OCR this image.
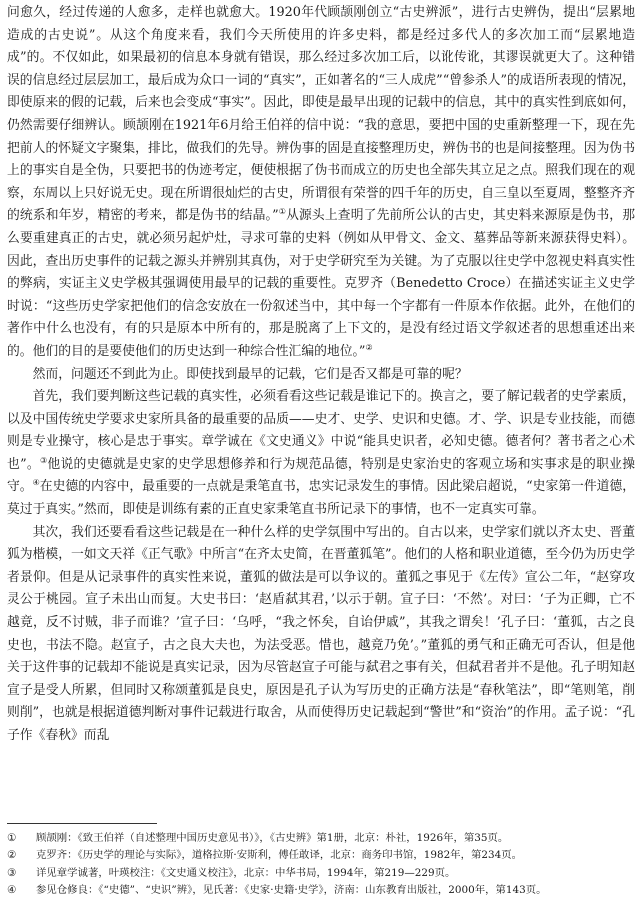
问愈久，经过传递的人愈多，走样也就愈大。1920年代顾颉刚创立“古史辨派”，进行古史辨伪，提出“层累地造成的古史说”。从这个角度来看，我们今天所使用的许多史料，都是经过多代人的多次加工而“层累地造成”的。不仅如此，如果最初的信息本身就有错误，那么经过多次加工后，以讹传讹，其谬误就更大了。这种错误的信息经过层层加工，最后成为众口一词的“真实”，正如著名的“三人成虎”“曾参杀人”的成语所表现的情况，即使原来的假的记载，后来也会变成“事实”。因此，即使是最早出现的记载中的信息，其中的真实性到底如何，仍然需要仔细辨认。顾颉刚在1921年6月给王伯祥的信中说：“我的意思，要把中国的史重新整理一下，现在先把前人的怀疑文字聚集，排比，做我们的先导。辨伪事的固是直接整理历史，辨伪书的也是间接整理。因为伪书上的事实自是全伪，只要把书的伪迹考定，便使根据了伪书而成立的历史也全部失其立足之点。照我们现在的观察，东周以上只好说无史。现在所谓很灿烂的古史，所谓很有荣誉的四千年的历史，自三皇以至夏周，整整齐齐的统系和年岁，精密的考来，都是伪书的结晶。”①从源头上查明了先前所公认的古史，其史料来源原是伪书，那么要重建真正的古史，就必须另起炉灶，寻求可靠的史料（例如从甲骨文、金文、墓葬品等新来源获得史料）。因此，查出历史事件的记载之源头并辨别其真伪，对于史学研究至为关键。为了克服以往史学中忽视史料真实性的弊病，实证主义史学极其强调使用最早的记载的重要性。克罗齐（Benedetto Croce）在描述实证主义史学时说：“这些历史学家把他们的信念安放在一份叙述当中，其中每一个字都有一件原本作依据。此外，在他们的著作中什么也没有，有的只是原本中所有的，那是脱离了上下文的，是没有经过语文学叙述者的思想重述出来的。他们的目的是要使他们的历史达到一种综合性汇编的地位。”②

然而，问题还不到此为止。即使找到最早的记载，它们是否又都是可靠的呢？

首先，我们要判断这些记载的真实性，必须看看这些记载是谁记下的。换言之，要了解记载者的史学素质，以及中国传统史学要求史家所具备的最重要的品质——史才、史学、史识和史德。才、学、识是专业技能，而德则是专业操守，核心是忠于事实。章学诚在《文史通义》中说“能具史识者，必知史德。德者何？著书者之心术也”。③他说的史德就是史家的史学思想修养和行为规范品德，特别是史家治史的客观立场和实事求是的职业操守。④在史德的内容中，最重要的一点就是秉笔直书，忠实记录发生的事情。因此梁启超说，“史家第一件道德，莫过于真实。”然而，即使是训练有素的正直史家秉笔直书所记录下的事情，也不一定真实可靠。

其次，我们还要看看这些记载是在一种什么样的史学氛围中写出的。自古以来，史学家们就以齐太史、晋董狐为楷模，一如文天祥《正气歌》中所言“在齐太史简，在晋董狐笔”。他们的人格和职业道德，至今仍为历史学者景仰。但是从记录事件的真实性来说，董狐的做法是可以争议的。董狐之事见于《左传》宣公二年，“赵穿攻灵公于桃园。宣子未出山而复。大史书曰：‘赵盾弑其君，’以示于朝。宣子曰：‘不然’。对曰：‘子为正卿，亡不越竟，反不讨贼，非子而谁？’宣子曰：‘乌呼，“我之怀矣，自诒伊戚”，其我之谓矣！’孔子曰：‘董狐，古之良史也，书法不隐。赵宣子，古之良大夫也，为法受恶。惜也，越竟乃免’。”董狐的勇气和正确无可否认，但是他关于这件事的记载却不能说是真实记录，因为尽管赵宣子可能与弑君之事有关，但弑君者并不是他。孔子明知赵宣子是受人所累，但同时又称颂董狐是良史，原因是孔子认为写历史的正确方法是“春秋笔法”，即“笔则笔，削则削”，也就是根据道德判断对事件记载进行取舍，从而使得历史记载起到“警世”和“资治”的作用。孟子说：“孔子作《春秋》而乱

①	顾颉刚：《致王伯祥（自述整理中国历史意见书）》，《古史辨》第1册，北京：朴社，1926年，第35页。
②	克罗齐：《历史学的理论与实际》，道格拉斯·安斯利，傅任敢译，北京：商务印书馆，1982年，第234页。
③	详见章学诚著，叶瑛校注：《文史通义校注》，北京：中华书局，1994年，第219—229页。
④	参见仓修良：《“史德”、“史识”辨》，见氏著：《史家·史籍·史学》，济南：山东教育出版社，2000年，第143页。
